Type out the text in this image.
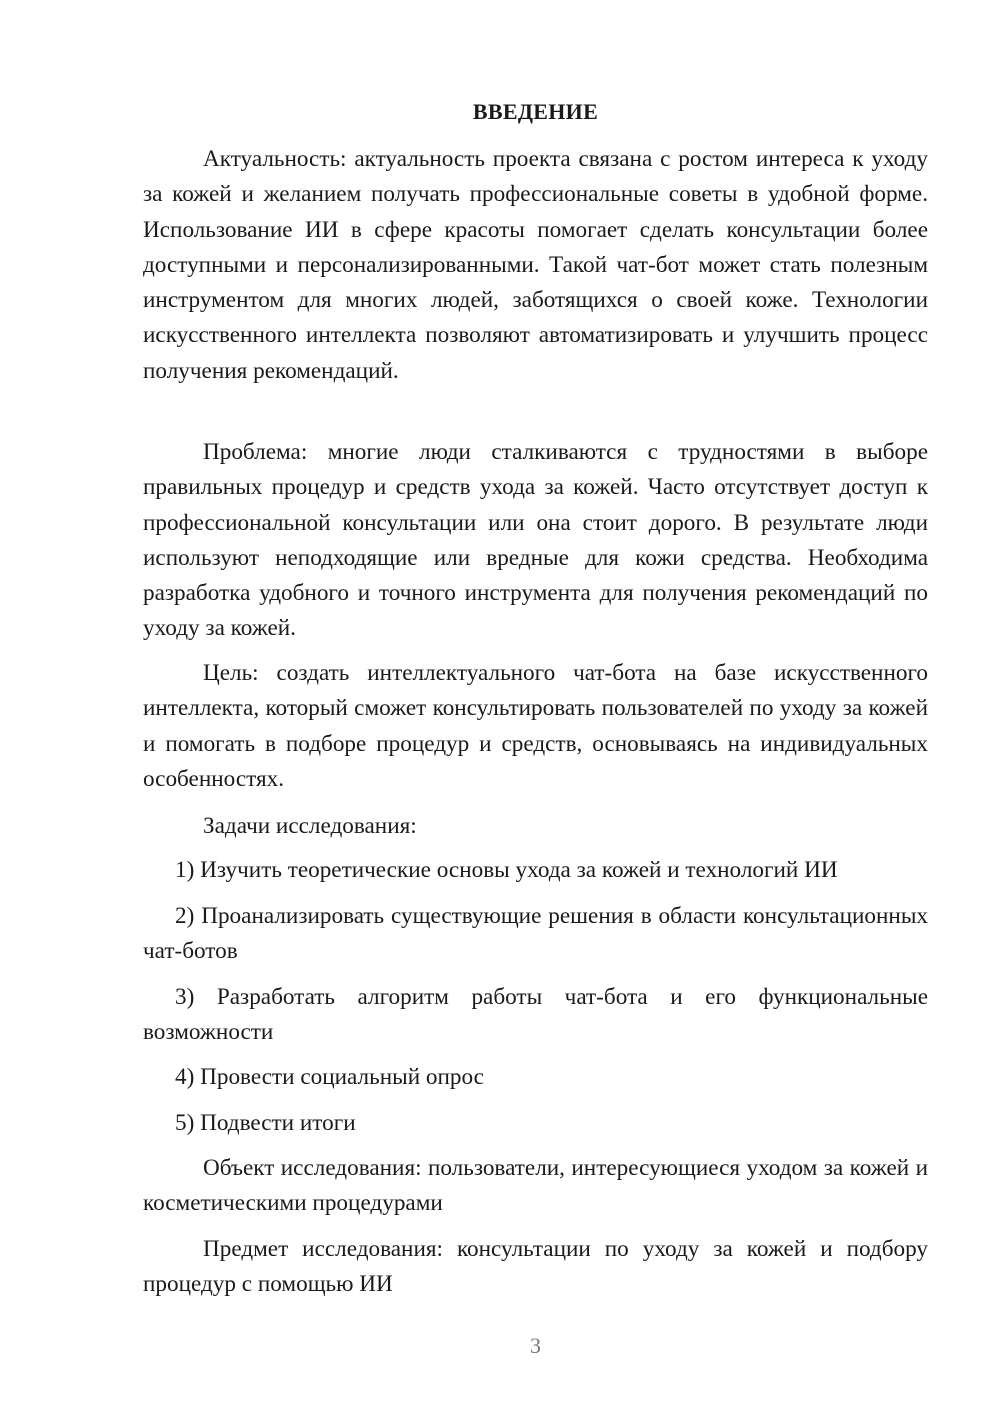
ВВЕДЕНИЕ

Актуальность: актуальность проекта связана с ростом интереса к уходу за кожей и желанием получать профессиональные советы в удобной форме. Использование ИИ в сфере красоты помогает сделать консультации более доступными и персонализированными. Такой чат-бот может стать полезным инструментом для многих людей, заботящихся о своей коже. Технологии искусственного интеллекта позволяют автоматизировать и улучшить процесс получения рекомендаций.

Проблема: многие люди сталкиваются с трудностями в выборе правильных процедур и средств ухода за кожей. Часто отсутствует доступ к профессиональной консультации или она стоит дорого. В результате люди используют неподходящие или вредные для кожи средства. Необходима разработка удобного и точного инструмента для получения рекомендаций по уходу за кожей.

Цель: создать интеллектуального чат-бота на базе искусственного интеллекта, который сможет консультировать пользователей по уходу за кожей и помогать в подборе процедур и средств, основываясь на индивидуальных особенностях.

Задачи исследования:

1) Изучить теоретические основы ухода за кожей и технологий ИИ

2) Проанализировать существующие решения в области консультационных чат-ботов

3) Разработать алгоритм работы чат-бота и его функциональные возможности

4) Провести социальный опрос

5) Подвести итоги

Объект исследования: пользователи, интересующиеся уходом за кожей и косметическими процедурами

Предмет исследования: консультации по уходу за кожей и подбору процедур с помощью ИИ

3
